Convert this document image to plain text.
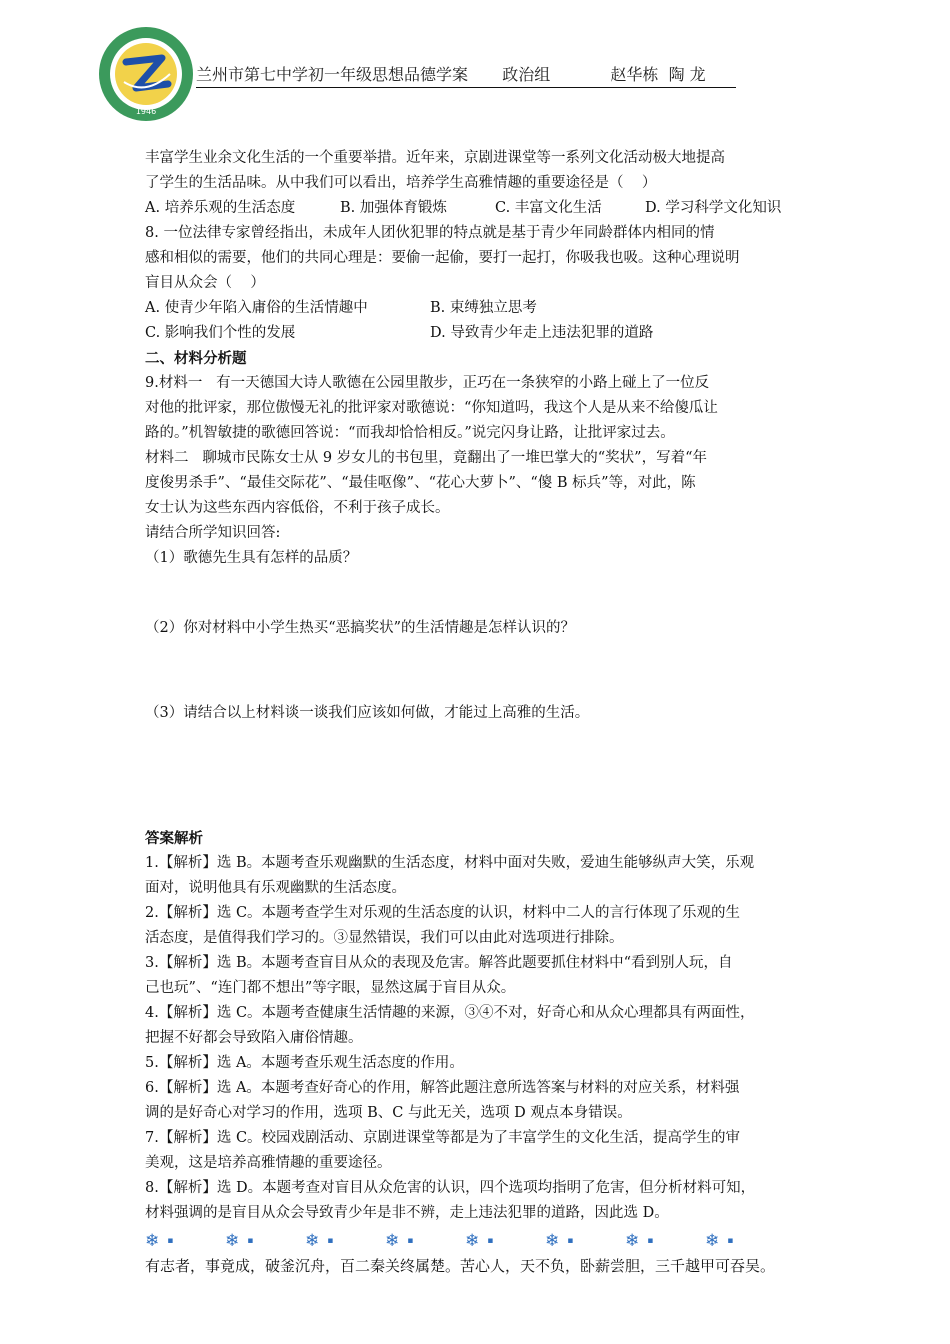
1946
兰州市第七中学初一年级思想品德学案 政治组	赵华栋  陶 龙

丰富学生业余文化生活的一个重要举措。近年来，京剧进课堂等一系列文化活动极大地提高

了学生的生活品味。从中我们可以看出，培养学生高雅情趣的重要途径是（    ）

A. 培养乐观的生活态度	B. 加强体育锻炼	C. 丰富文化生活	D. 学习科学文化知识

8. 一位法律专家曾经指出，未成年人团伙犯罪的特点就是基于青少年同龄群体内相同的情

感和相似的需要，他们的共同心理是：要偷一起偷，要打一起打，你吸我也吸。这种心理说明

盲目从众会（    ）

A. 使青少年陷入庸俗的生活情趣中	B. 束缚独立思考
C. 影响我们个性的发展	D. 导致青少年走上违法犯罪的道路

二、材料分析题

9.材料一   有一天德国大诗人歌德在公园里散步，正巧在一条狭窄的小路上碰上了一位反

对他的批评家，那位傲慢无礼的批评家对歌德说：“你知道吗，我这个人是从来不给傻瓜让

路的。”机智敏捷的歌德回答说：“而我却恰恰相反。”说完闪身让路，让批评家过去。

材料二   聊城市民陈女士从 9 岁女儿的书包里，竟翻出了一堆巴掌大的“奖状”，写着“年

度俊男杀手”、“最佳交际花”、“最佳呕像”、“花心大萝卜”、“傻 B 标兵”等，对此，陈

女士认为这些东西内容低俗，不利于孩子成长。

请结合所学知识回答:

（1）歌德先生具有怎样的品质？

（2）你对材料中小学生热买“恶搞奖状”的生活情趣是怎样认识的？

（3）请结合以上材料谈一谈我们应该如何做，才能过上高雅的生活。

答案解析

1.【解析】选 B。本题考查乐观幽默的生活态度，材料中面对失败，爱迪生能够纵声大笑，乐观

面对，说明他具有乐观幽默的生活态度。

2.【解析】选 C。本题考查学生对乐观的生活态度的认识，材料中二人的言行体现了乐观的生

活态度，是值得我们学习的。③显然错误，我们可以由此对选项进行排除。

3.【解析】选 B。本题考查盲目从众的表现及危害。解答此题要抓住材料中“看到别人玩，自

己也玩”、“连门都不想出”等字眼，显然这属于盲目从众。

4.【解析】选 C。本题考查健康生活情趣的来源，③④不对，好奇心和从众心理都具有两面性，

把握不好都会导致陷入庸俗情趣。

5.【解析】选 A。本题考查乐观生活态度的作用。

6.【解析】选 A。本题考查好奇心的作用，解答此题注意所选答案与材料的对应关系，材料强

调的是好奇心对学习的作用，选项 B、C 与此无关，选项 D 观点本身错误。

7.【解析】选 C。校园戏剧活动、京剧进课堂等都是为了丰富学生的文化生活，提高学生的审

美观，这是培养高雅情趣的重要途径。

8.【解析】选 D。本题考查对盲目从众危害的认识，四个选项均指明了危害，但分析材料可知，

材料强调的是盲目从众会导致青少年是非不辨，走上违法犯罪的道路，因此选 D。

❄ ▪	❄ ▪	❄ ▪	❄ ▪	❄ ▪	❄ ▪	❄ ▪	❄ ▪

有志者，事竟成，破釜沉舟，百二秦关终属楚。苦心人，天不负，卧薪尝胆，三千越甲可吞吴。
